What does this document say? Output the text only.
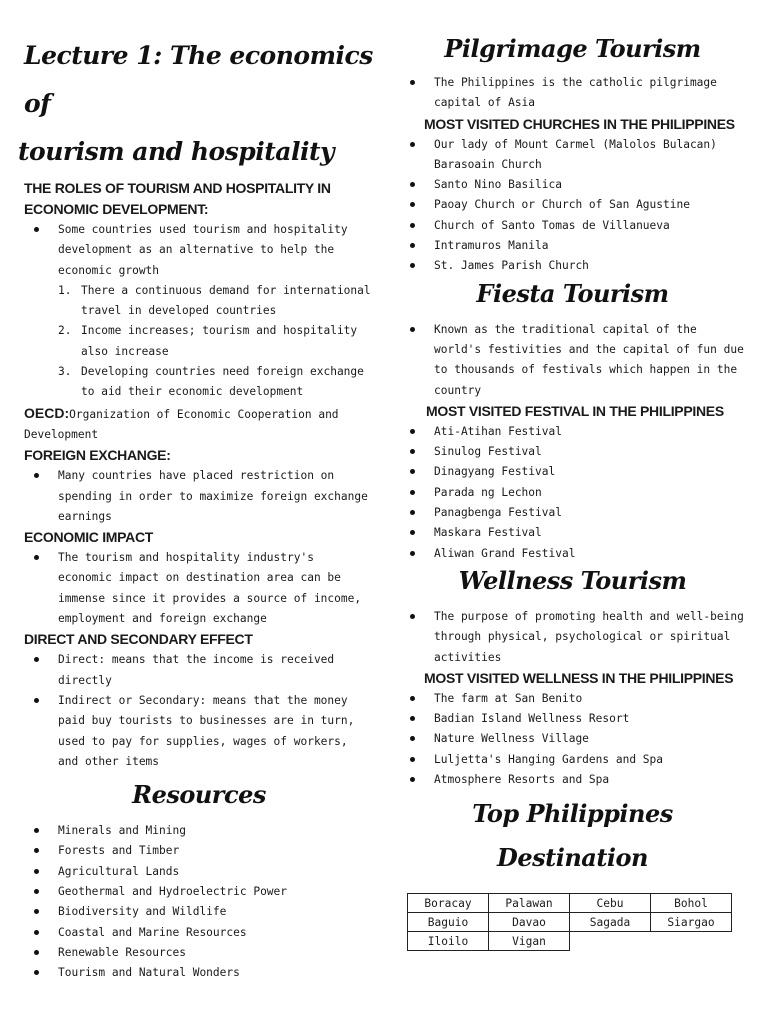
Lecture 1: The economics of
tourism and hospitality

THE ROLES OF TOURISM AND HOSPITALITY IN
ECONOMIC DEVELOPMENT:

Some countries used tourism and hospitality development as an alternative to help the economic growth
1. There a continuous demand for international travel in developed countries
2. Income increases; tourism and hospitality also increase
3. Developing countries need foreign exchange to aid their economic development

OECD:Organization of Economic Cooperation and
Development

FOREIGN EXCHANGE:

Many countries have placed restriction on spending in order to maximize foreign exchange earnings

ECONOMIC IMPACT

The tourism and hospitality industry's economic impact on destination area can be immense since it provides a source of income, employment and foreign exchange

DIRECT AND SECONDARY EFFECT

Direct: means that the income is received directly
Indirect or Secondary: means that the money paid buy tourists to businesses are in turn, used to pay for supplies, wages of workers, and other items
Resources
Minerals and Mining
Forests and Timber
Agricultural Lands
Geothermal and Hydroelectric Power
Biodiversity and Wildlife
Coastal and Marine Resources
Renewable Resources
Tourism and Natural Wonders
Pilgrimage Tourism
The Philippines is the catholic pilgrimage capital of Asia

MOST VISITED CHURCHES IN THE PHILIPPINES

Our lady of Mount Carmel (Malolos Bulacan) Barasoain Church
Santo Nino Basilica
Paoay Church or Church of San Agustine
Church of Santo Tomas de Villanueva
Intramuros Manila
St. James Parish Church
Fiesta Tourism
Known as the traditional capital of the world's festivities and the capital of fun due to thousands of festivals which happen in the country

MOST VISITED FESTIVAL IN THE PHILIPPINES

Ati-Atihan Festival
Sinulog Festival
Dinagyang Festival
Parada ng Lechon
Panagbenga Festival
Maskara Festival
Aliwan Grand Festival
Wellness Tourism
The purpose of promoting health and well-being through physical, psychological or spiritual activities

MOST VISITED WELLNESS IN THE PHILIPPINES

The farm at San Benito
Badian Island Wellness Resort
Nature Wellness Village
Luljetta's Hanging Gardens and Spa
Atmosphere Resorts and Spa
Top Philippines
Destination
Boracay	Palawan	Cebu	Bohol
Baguio	Davao	Sagada	Siargao
Iloilo	Vigan		
